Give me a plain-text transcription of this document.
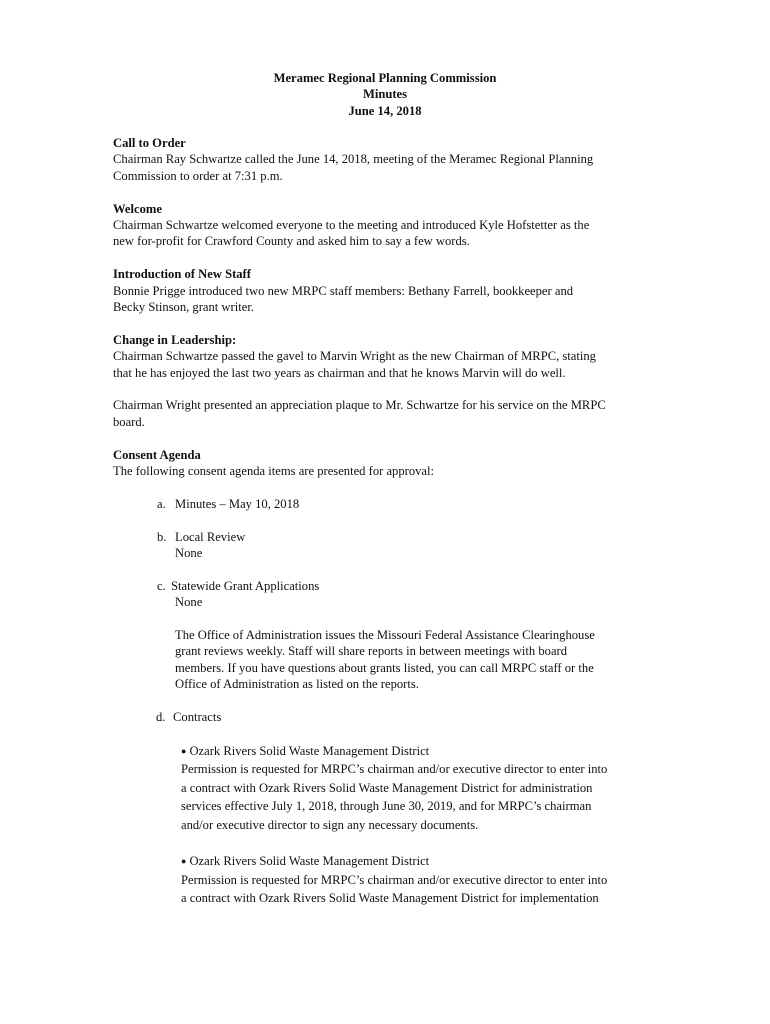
Meramec Regional Planning Commission
Minutes
June 14, 2018
Call to Order
Chairman Ray Schwartze called the June 14, 2018, meeting of the Meramec Regional Planning
Commission to order at 7:31 p.m.
Welcome
Chairman Schwartze welcomed everyone to the meeting and introduced Kyle Hofstetter as the
new for-profit for Crawford County and asked him to say a few words.
Introduction of New Staff
Bonnie Prigge introduced two new MRPC staff members: Bethany Farrell, bookkeeper and
Becky Stinson, grant writer.
Change in Leadership:
Chairman Schwartze passed the gavel to Marvin Wright as the new Chairman of MRPC, stating
that he has enjoyed the last two years as chairman and that he knows Marvin will do well.
Chairman Wright presented an appreciation plaque to Mr. Schwartze for his service on the MRPC
board.
Consent Agenda
The following consent agenda items are presented for approval:
a. Minutes – May 10, 2018
b. Local Review
None
c. Statewide Grant Applications
None
The Office of Administration issues the Missouri Federal Assistance Clearinghouse
grant reviews weekly. Staff will share reports in between meetings with board
members. If you have questions about grants listed, you can call MRPC staff or the
Office of Administration as listed on the reports.
d. Contracts
● Ozark Rivers Solid Waste Management District
Permission is requested for MRPC’s chairman and/or executive director to enter into
a contract with Ozark Rivers Solid Waste Management District for administration
services effective July 1, 2018, through June 30, 2019, and for MRPC’s chairman
and/or executive director to sign any necessary documents.
● Ozark Rivers Solid Waste Management District
Permission is requested for MRPC’s chairman and/or executive director to enter into
a contract with Ozark Rivers Solid Waste Management District for implementation
